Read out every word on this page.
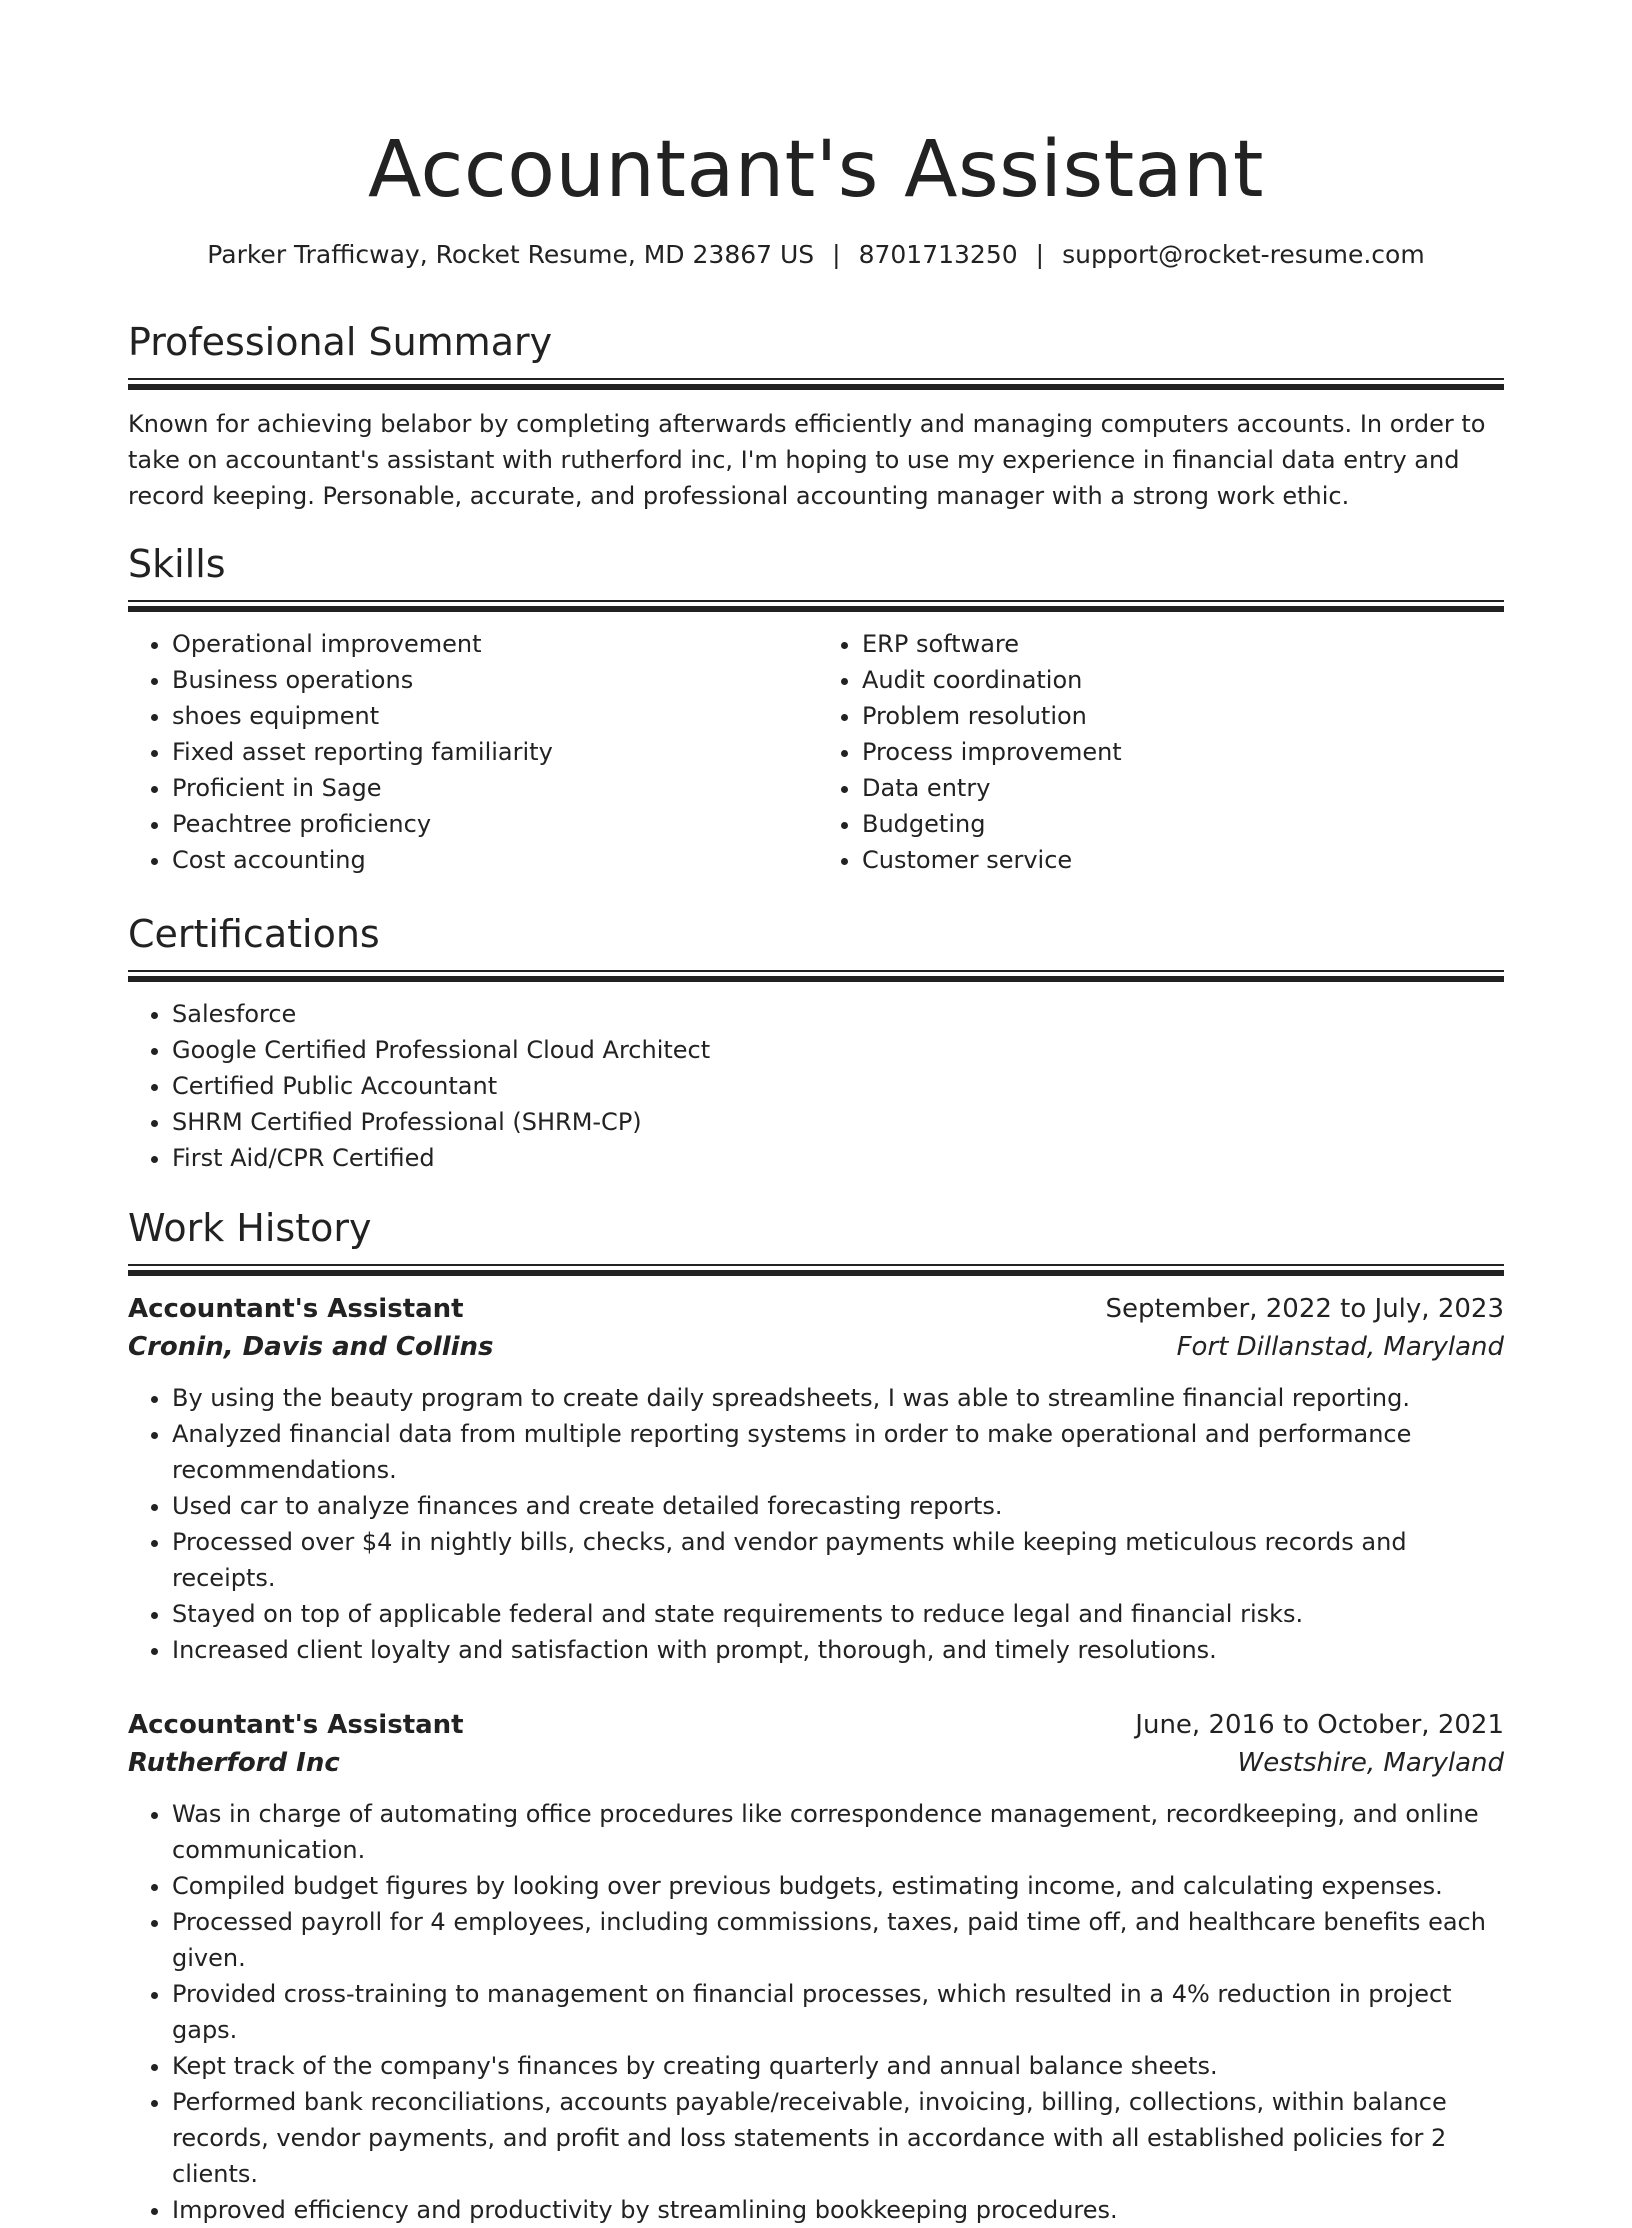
Accountant's Assistant
Parker Trafficway, Rocket Resume, MD 23867 US | 8701713250 | support@rocket-resume.com
Professional Summary

Known for achieving belabor by completing afterwards efficiently and managing computers accounts. In order to take on accountant's assistant with rutherford inc, I'm hoping to use my experience in financial data entry and record keeping. Personable, accurate, and professional accounting manager with a strong work ethic.

Skills
• Operational improvement
• Business operations
• shoes equipment
• Fixed asset reporting familiarity
• Proficient in Sage
• Peachtree proficiency
• Cost accounting
• ERP software
• Audit coordination
• Problem resolution
• Process improvement
• Data entry
• Budgeting
• Customer service
Certifications
• Salesforce
• Google Certified Professional Cloud Architect
• Certified Public Accountant
• SHRM Certified Professional (SHRM-CP)
• First Aid/CPR Certified
Work History
Accountant's Assistant	September, 2022 to July, 2023
Cronin, Davis and Collins	Fort Dillanstad, Maryland
• By using the beauty program to create daily spreadsheets, I was able to streamline financial reporting.
• Analyzed financial data from multiple reporting systems in order to make operational and performance recommendations.
• Used car to analyze finances and create detailed forecasting reports.
• Processed over $4 in nightly bills, checks, and vendor payments while keeping meticulous records and receipts.
• Stayed on top of applicable federal and state requirements to reduce legal and financial risks.
• Increased client loyalty and satisfaction with prompt, thorough, and timely resolutions.
Accountant's Assistant	June, 2016 to October, 2021
Rutherford Inc	Westshire, Maryland
• Was in charge of automating office procedures like correspondence management, recordkeeping, and online communication.
• Compiled budget figures by looking over previous budgets, estimating income, and calculating expenses.
• Processed payroll for 4 employees, including commissions, taxes, paid time off, and healthcare benefits each given.
• Provided cross-training to management on financial processes, which resulted in a 4% reduction in project gaps.
• Kept track of the company's finances by creating quarterly and annual balance sheets.
• Performed bank reconciliations, accounts payable/receivable, invoicing, billing, collections, within balance records, vendor payments, and profit and loss statements in accordance with all established policies for 2 clients.
• Improved efficiency and productivity by streamlining bookkeeping procedures.
